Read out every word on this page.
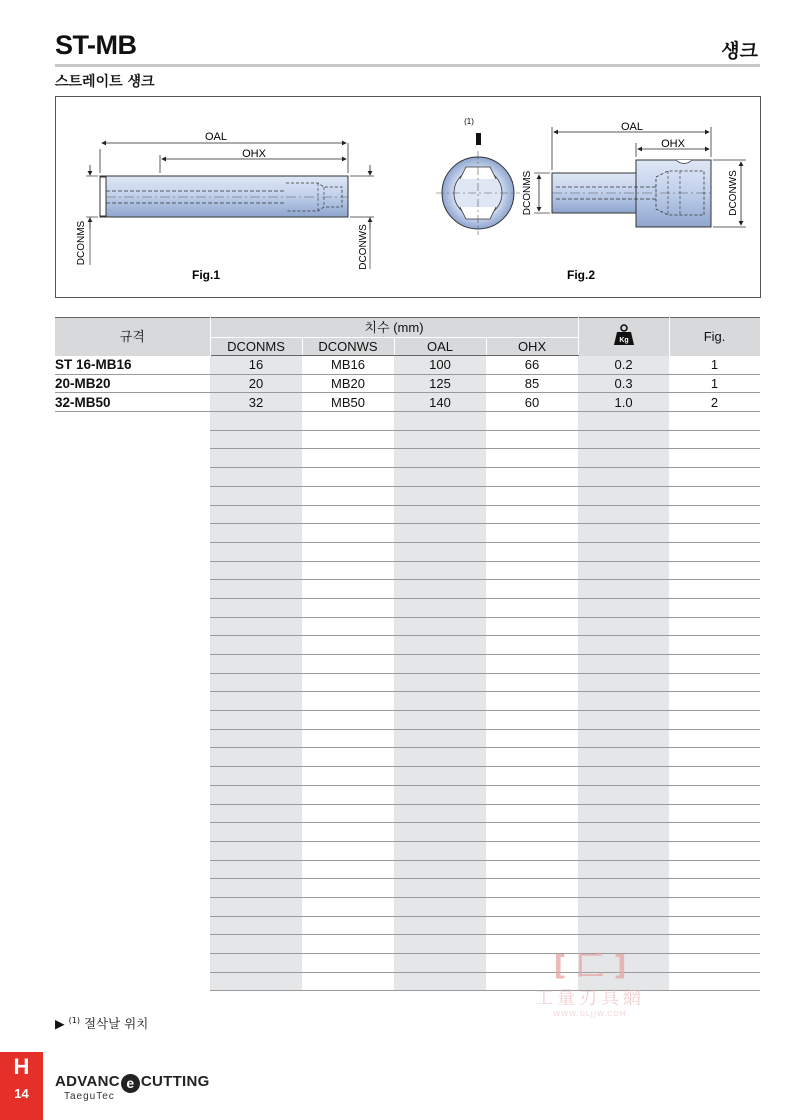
ST-MB	섕크
스트레이트 섕크
OAL
OHX
DCONMS	DCONWS
Fig.1
(1)	OAL
OHX
DCONMS	DCONWS
Fig.2
규격	치수 (mm)				Kg	Fig.
	DCONMS	DCONWS	OAL	OHX		
ST 16-MB16	16	MB16	100	66	0.2	1
20-MB20	20	MB20	125	85	0.3	1
32-MB50	32	MB50	140	60	1.0	2

▶ $^{(1)}$ 절삭날 위치
[ 匚 ]
工量刃具網
WWW.GLJJW.COM
H
14
ADVANC e CUTTING
TaeguTec
